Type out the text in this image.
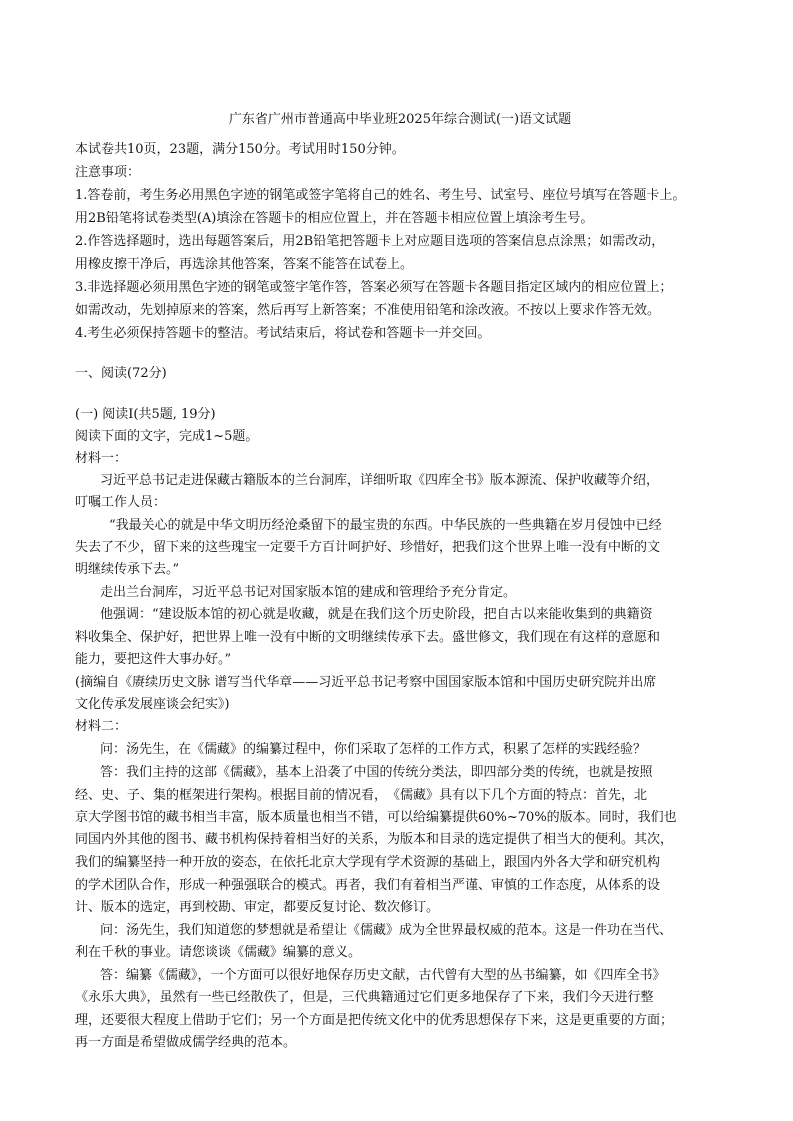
广东省广州市普通高中毕业班2025年综合测试(一)语文试题
本试卷共10页，23题，满分150分。考试用时150分钟。
注意事项：
1.答卷前，考生务必用黑色字迹的钢笔或签字笔将自己的姓名、考生号、试室号、座位号填写在答题卡上。
用2B铅笔将试卷类型(A)填涂在答题卡的相应位置上，并在答题卡相应位置上填涂考生号。
2.作答选择题时，选出每题答案后，用2B铅笔把答题卡上对应题目选项的答案信息点涂黑；如需改动，
用橡皮擦干净后，再选涂其他答案，答案不能答在试卷上。
3.非选择题必须用黑色字迹的钢笔或签字笔作答，答案必须写在答题卡各题目指定区域内的相应位置上；
如需改动，先划掉原来的答案，然后再写上新答案；不准使用铅笔和涂改液。不按以上要求作答无效。
4.考生必须保持答题卡的整洁。考试结束后，将试卷和答题卡一并交回。
一、阅读(72分)
(一) 阅读Ⅰ(共5题, 19分)
阅读下面的文字，完成1~5题。
材料一：
习近平总书记走进保藏古籍版本的兰台洞库，详细听取《四库全书》版本源流、保护收藏等介绍，
叮嘱工作人员：
“我最关心的就是中华文明历经沧桑留下的最宝贵的东西。中华民族的一些典籍在岁月侵蚀中已经
失去了不少，留下来的这些瑰宝一定要千方百计呵护好、珍惜好，把我们这个世界上唯一没有中断的文
明继续传承下去。”
走出兰台洞库，习近平总书记对国家版本馆的建成和管理给予充分肯定。
他强调：“建设版本馆的初心就是收藏，就是在我们这个历史阶段，把自古以来能收集到的典籍资
料收集全、保护好，把世界上唯一没有中断的文明继续传承下去。盛世修文，我们现在有这样的意愿和
能力，要把这件大事办好。”
(摘编自《赓续历史文脉 谱写当代华章——习近平总书记考察中国国家版本馆和中国历史研究院并出席
文化传承发展座谈会纪实》)
材料二：
问：汤先生，在《儒藏》的编纂过程中，你们采取了怎样的工作方式，积累了怎样的实践经验？
答：我们主持的这部《儒藏》，基本上沿袭了中国的传统分类法，即四部分类的传统，也就是按照
经、史、子、集的框架进行架构。根据目前的情况看，　《儒藏》具有以下几个方面的特点：首先，北
京大学图书馆的藏书相当丰富，版本质量也相当不错，可以给编纂提供60%~70%的版本。同时，我们也
同国内外其他的图书、藏书机构保持着相当好的关系，为版本和目录的选定提供了相当大的便利。其次，
我们的编纂坚持一种开放的姿态，在依托北京大学现有学术资源的基础上，跟国内外各大学和研究机构
的学术团队合作，形成一种强强联合的模式。再者，我们有着相当严谨、审慎的工作态度，从体系的设
计、版本的选定，再到校勘、审定，都要反复讨论、数次修订。
问：汤先生，我们知道您的梦想就是希望让《儒藏》成为全世界最权威的范本。这是一件功在当代、
利在千秋的事业。请您谈谈《儒藏》编纂的意义。
答：编纂《儒藏》，一个方面可以很好地保存历史文献，古代曾有大型的丛书编纂，如《四库全书》
《永乐大典》，虽然有一些已经散佚了，但是，三代典籍通过它们更多地保存了下来，我们今天进行整
理，还要很大程度上借助于它们；另一个方面是把传统文化中的优秀思想保存下来，这是更重要的方面；
再一方面是希望做成儒学经典的范本。
